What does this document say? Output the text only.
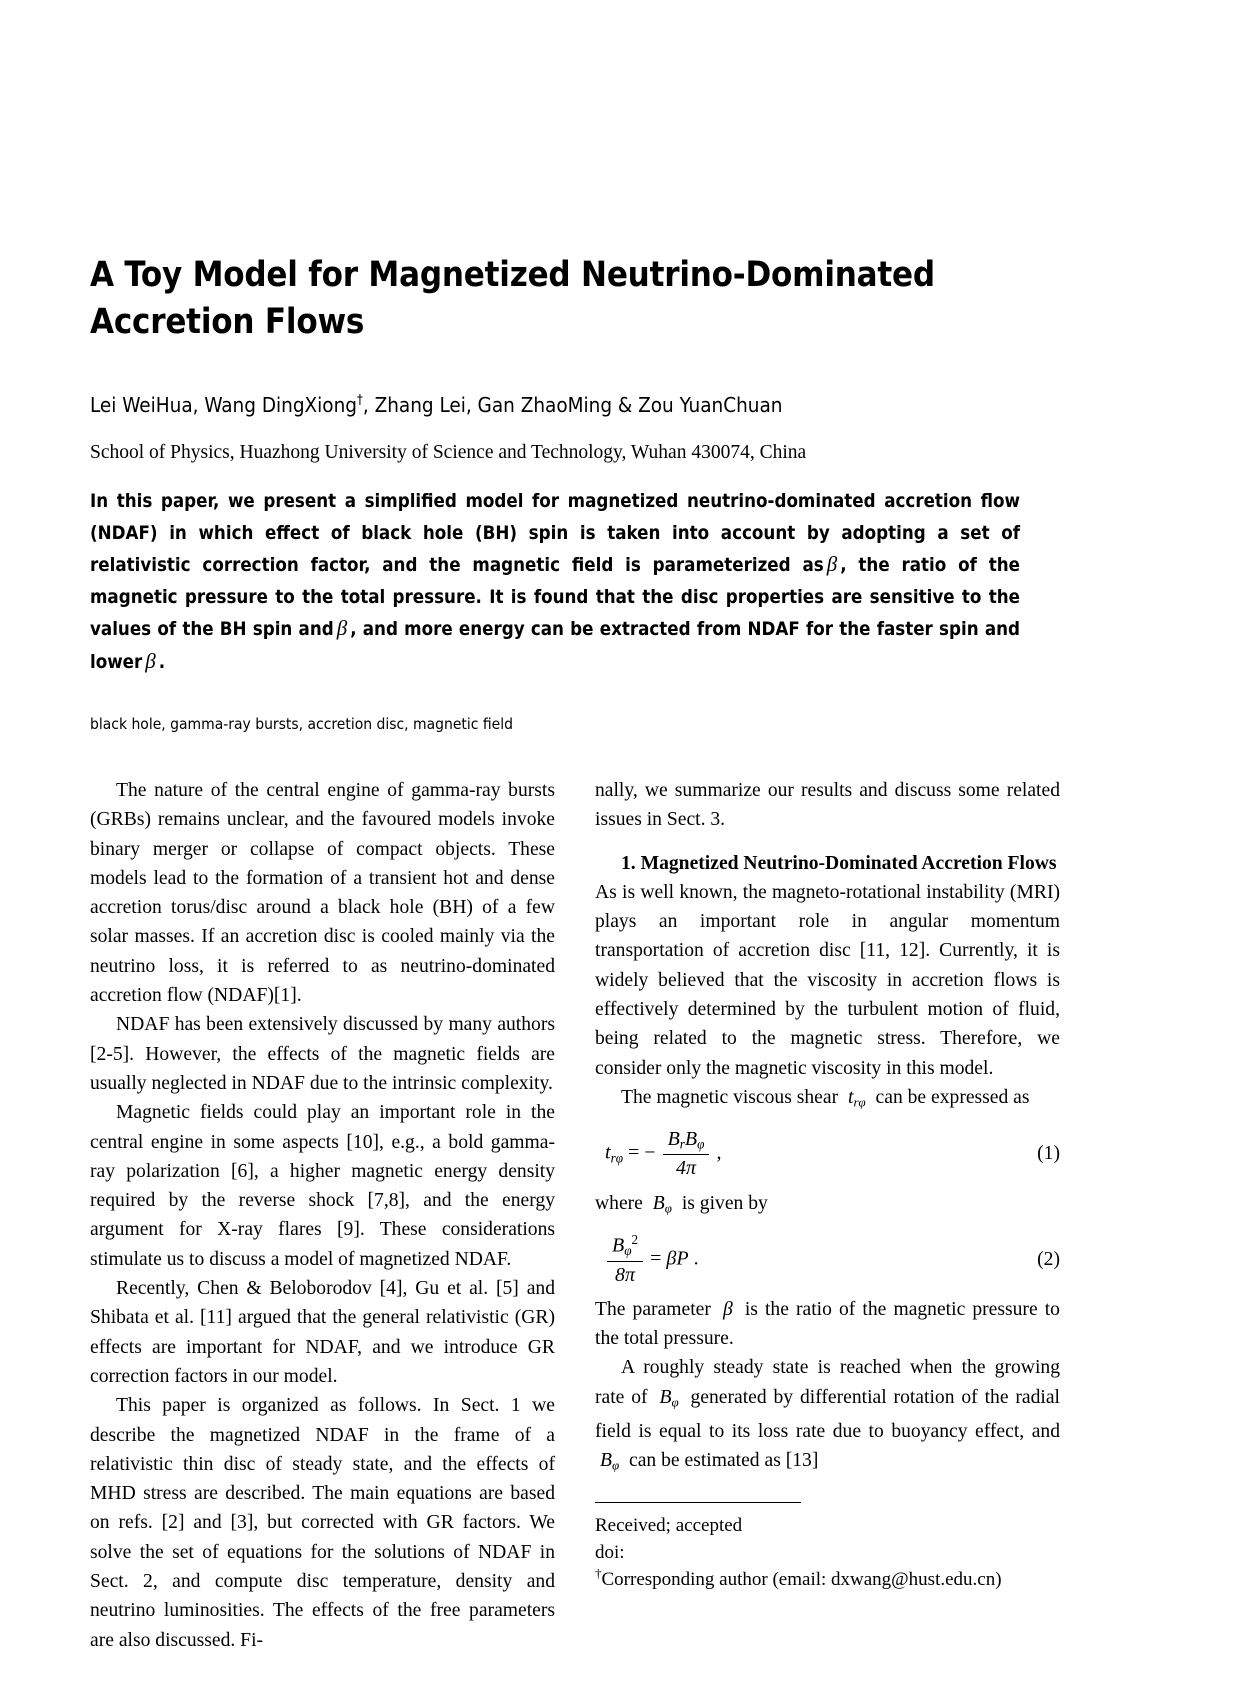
A Toy Model for Magnetized Neutrino-Dominated Accretion Flows
Lei WeiHua, Wang DingXiong†, Zhang Lei, Gan ZhaoMing & Zou YuanChuan
School of Physics, Huazhong University of Science and Technology, Wuhan 430074, China
In this paper, we present a simplified model for magnetized neutrino-dominated accretion flow (NDAF) in which effect of black hole (BH) spin is taken into account by adopting a set of relativistic correction factor, and the magnetic field is parameterized as β , the ratio of the magnetic pressure to the total pressure. It is found that the disc properties are sensitive to the values of the BH spin and β , and more energy can be extracted from NDAF for the faster spin and lower β .
black hole, gamma-ray bursts, accretion disc, magnetic field

The nature of the central engine of gamma-ray bursts (GRBs) remains unclear, and the favoured models invoke binary merger or collapse of compact objects. These models lead to the formation of a transient hot and dense accretion torus/disc around a black hole (BH) of a few solar masses. If an accretion disc is cooled mainly via the neutrino loss, it is referred to as neutrino-dominated accretion flow (NDAF)[1].

NDAF has been extensively discussed by many authors [2-5]. However, the effects of the magnetic fields are usually neglected in NDAF due to the intrinsic complexity.

Magnetic fields could play an important role in the central engine in some aspects [10], e.g., a bold gamma-ray polarization [6], a higher magnetic energy density required by the reverse shock [7,8], and the energy argument for X-ray flares [9]. These considerations stimulate us to discuss a model of magnetized NDAF.

Recently, Chen & Beloborodov [4], Gu et al. [5] and Shibata et al. [11] argued that the general relativistic (GR) effects are important for NDAF, and we introduce GR correction factors in our model.

This paper is organized as follows. In Sect. 1 we describe the magnetized NDAF in the frame of a relativistic thin disc of steady state, and the effects of MHD stress are described. The main equations are based on refs. [2] and [3], but corrected with GR factors. We solve the set of equations for the solutions of NDAF in Sect. 2, and compute disc temperature, density and neutrino luminosities. The effects of the free parameters are also discussed. Fi-

nally, we summarize our results and discuss some related issues in Sect. 3.

1. Magnetized Neutrino-Dominated Accretion Flows

As is well known, the magneto-rotational instability (MRI) plays an important role in angular momentum transportation of accretion disc [11, 12]. Currently, it is widely believed that the viscosity in accretion flows is effectively determined by the turbulent motion of fluid, being related to the magnetic stress. Therefore, we consider only the magnetic viscosity in this model.

The magnetic viscous shear $t_{r\varphi}$ can be expressed as

$t_{r\varphi}$ = − $\frac{B_rB_\varphi}{4\pi}$ ,	(1)

where $B_\varphi$ is given by

$\frac{B_\varphi^2}{8\pi} = \beta P$ .	(2)

The parameter β is the ratio of the magnetic pressure to the total pressure.

A roughly steady state is reached when the growing rate of $B_\varphi$ generated by differential rotation of the radial field is equal to its loss rate due to buoyancy effect, and $B_\varphi$ can be estimated as [13]

Received; accepted
doi:
†Corresponding author (email: dxwang@hust.edu.cn)
